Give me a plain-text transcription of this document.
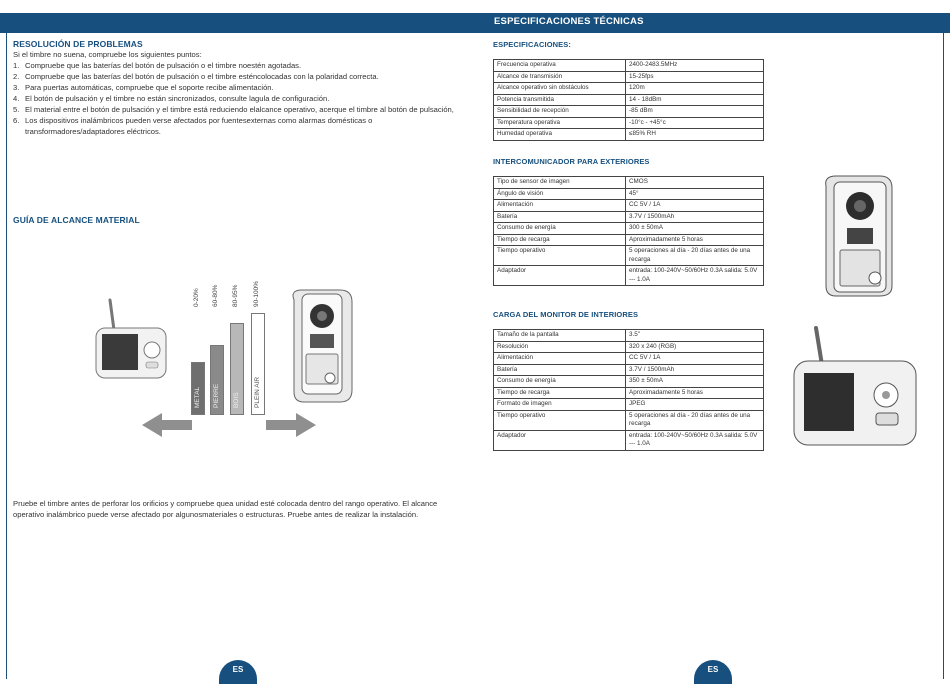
ESPECIFICACIONES TÉCNICAS
RESOLUCIÓN DE PROBLEMAS
Si el timbre no suena, compruebe los siguientes puntos:
1. Compruebe que las baterías del botón de pulsación o el timbre noestén agotadas.
2. Compruebe que las baterías del botón de pulsación o el timbre esténcolocadas con la polaridad correcta.
3. Para puertas automáticas, compruebe que el soporte recibe alimentación.
4. El botón de pulsación y el timbre no están sincronizados, consulte lagula de configuración.
5. El material entre el botón de pulsación y el timbre está reduciendo elalcance operativo, acerque el timbre al botón de pulsación,
6. Los dispositivos inalámbricos pueden verse afectados por fuentesexternas como alarmas domésticas o transformadores/adaptadores eléctricos.
GUÍA DE ALCANCE MATERIAL
METAL
0-20%
PIERRE
60-80%
BOIS
80-95%
PLEIN AIR
90-100%
Pruebe el timbre antes de perforar los orificios y compruebe quea unidad esté colocada dentro del rango operativo. El alcance operativo inalámbrico puede verse afectado por algunosmateriales o estructuras. Pruebe antes de realizar la instalación.
ESPECIFICACIONES:
Frecuencia operativa	2400-2483.5MHz
Alcance de transmisión	15-25fps
Alcance operativo sin obstáculos	120m
Potencia transmitida	14 - 18dBm
Sensibilidad de recepción	-85 dBm
Temperatura operativa	-10°c - +45°c
Humedad operativa	≤85% RH
INTERCOMUNICADOR PARA EXTERIORES
Tipo de sensor de imagen	CMOS
Ángulo de visión	45°
Alimentación	CC 5V / 1A
Batería	3.7V / 1500mAh
Consumo de energía	300 ± 50mA
Tiempo de recarga	Aproximadamente 5 horas
Tiempo operativo	5 operaciones al día - 20 días antes de una recarga
Adaptador	entrada: 100-240V~50/60Hz 0.3A salida: 5.0V --- 1.0A
CARGA DEL MONITOR DE INTERIORES
Tamaño de la pantalla	3.5"
Resolución	320 x 240 (RGB)
Alimentación	CC 5V / 1A
Batería	3.7V / 1500mAh
Consumo de energía	350 ± 50mA
Tiempo de recarga	Aproximadamente 5 horas
Formato de imagen	JPEG
Tiempo operativo	5 operaciones al día - 20 días antes de una recarga
Adaptador	entrada: 100-240V~50/60Hz 0.3A salida: 5.0V --- 1.0A
ES	ES
